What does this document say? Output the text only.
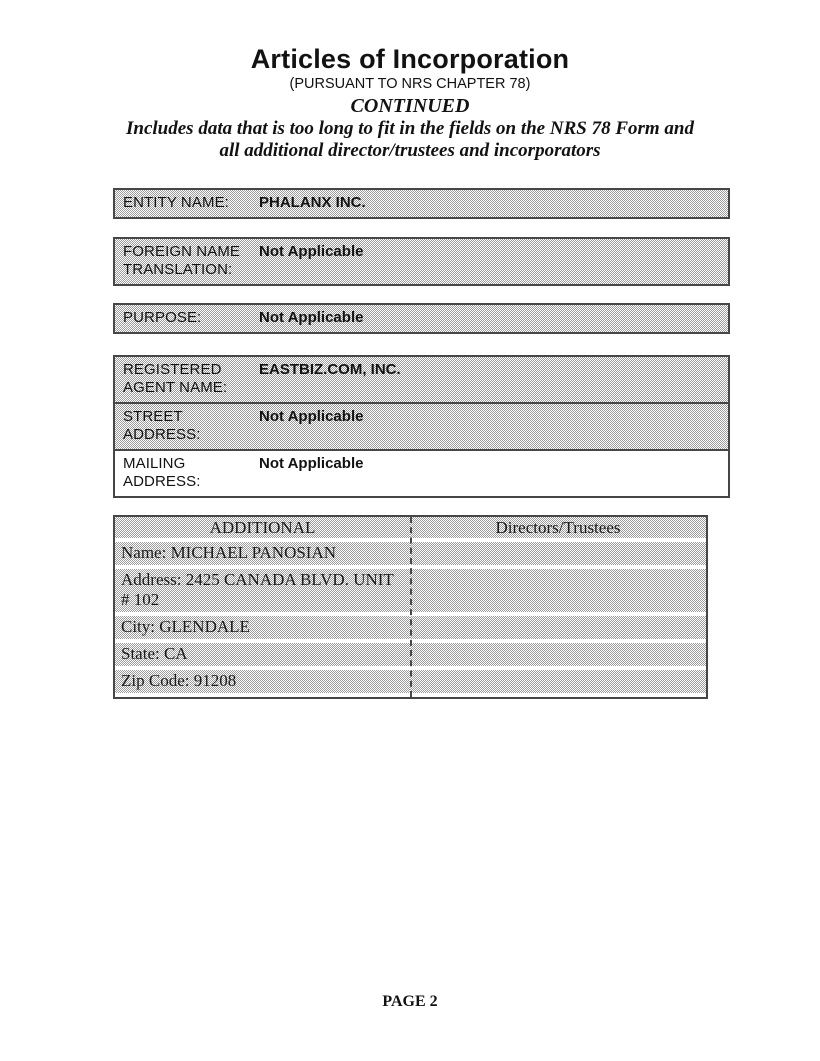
Articles of Incorporation
(PURSUANT TO NRS CHAPTER 78)
CONTINUED
Includes data that is too long to fit in the fields on the NRS 78 Form and
all additional director/trustees and incorporators
ENTITY NAME:	PHALANX INC.
FOREIGN NAME TRANSLATION:
Not Applicable
PURPOSE:	Not Applicable
REGISTERED AGENT NAME:
EASTBIZ.COM, INC.
STREET ADDRESS:
Not Applicable
MAILING ADDRESS:
Not Applicable
ADDITIONAL	Directors/Trustees
Name: MICHAEL PANOSIAN
Address: 2425 CANADA BLVD. UNIT # 102
City: GLENDALE
State: CA
Zip Code: 91208
PAGE 2
